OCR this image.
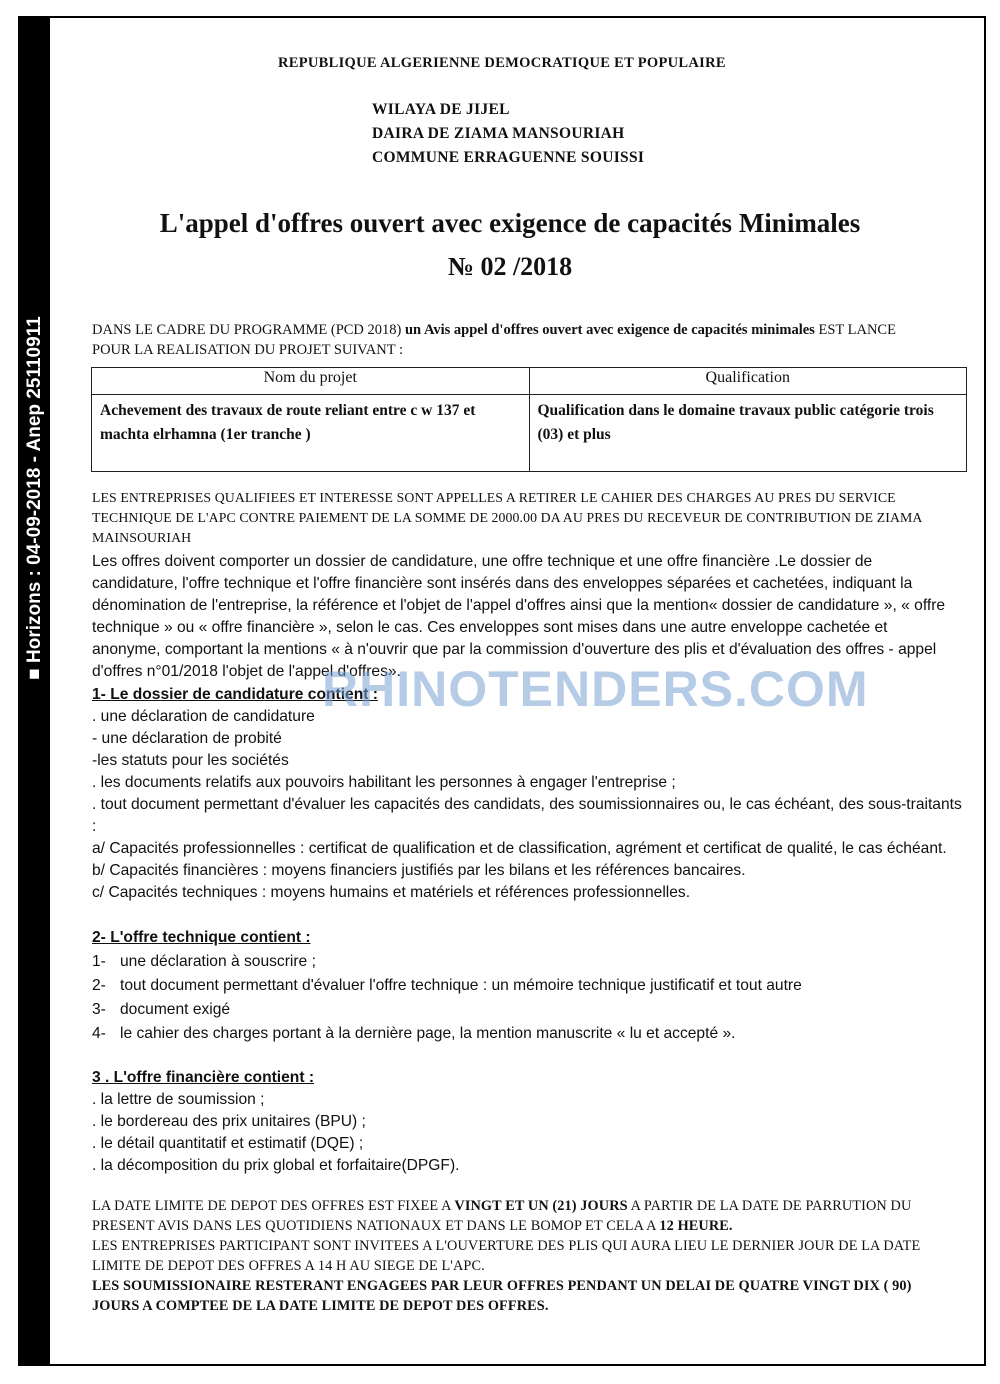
■ Horizons : 04-09-2018 - Anep 25110911
REPUBLIQUE ALGERIENNE DEMOCRATIQUE ET POPULAIRE
WILAYA DE JIJEL
DAIRA DE ZIAMA MANSOURIAH
COMMUNE ERRAGUENNE SOUISSI
L'appel d'offres ouvert avec exigence de capacités Minimales
№ 02 /2018
DANS LE CADRE DU PROGRAMME (PCD 2018) un Avis appel d'offres ouvert avec exigence de capacités minimales EST LANCE POUR LA REALISATION DU PROJET SUIVANT :
Nom du projet	Qualification
Achevement des travaux de route reliant entre c w 137 et machta elrhamna (1er tranche )	Qualification dans le domaine travaux public catégorie trois (03) et plus
LES ENTREPRISES QUALIFIEES ET INTERESSE SONT APPELLES A RETIRER LE CAHIER DES CHARGES AU PRES DU SERVICE TECHNIQUE DE L'APC CONTRE PAIEMENT DE LA SOMME DE 2000.00 DA AU PRES DU RECEVEUR DE CONTRIBUTION DE ZIAMA MAINSOURIAH
Les offres doivent comporter un dossier de candidature, une offre technique et une offre financière .Le dossier de candidature, l'offre technique et l'offre financière sont insérés dans des enveloppes séparées et cachetées, indiquant la dénomination de l'entreprise, la référence et l'objet de l'appel d'offres ainsi que la mention« dossier de candidature », « offre technique » ou « offre financière », selon le cas. Ces enveloppes sont mises dans une autre enveloppe cachetée et anonyme, comportant la mentions « à n'ouvrir que par la commission d'ouverture des plis et d'évaluation des offres - appel d'offres n°01/2018 l'objet de l'appel d'offres».
1- Le dossier de candidature contient :
. une déclaration de candidature
- une déclaration de probité
-les statuts pour les sociétés
. les documents relatifs aux pouvoirs habilitant les personnes à engager l'entreprise ;
. tout document permettant d'évaluer les capacités des candidats, des soumissionnaires ou, le cas échéant, des sous-traitants :
a/ Capacités professionnelles : certificat de qualification et de classification, agrément et certificat de qualité, le cas échéant.
b/ Capacités financières : moyens financiers justifiés par les bilans et les références bancaires.
c/ Capacités techniques : moyens humains et matériels et références professionnelles.
2- L'offre technique contient :
1- une déclaration à souscrire ;
2- tout document permettant d'évaluer l'offre technique : un mémoire technique justificatif et tout autre
3- document exigé
4- le cahier des charges portant à la dernière page, la mention manuscrite « lu et accepté ».
3 . L'offre financière contient :
. la lettre de soumission ;
. le bordereau des prix unitaires (BPU) ;
. le détail quantitatif et estimatif (DQE) ;
. la décomposition du prix global et forfaitaire(DPGF).
LA DATE LIMITE DE DEPOT DES OFFRES EST FIXEE A VINGT ET UN (21) JOURS A PARTIR DE LA DATE DE PARRUTION DU PRESENT AVIS DANS LES QUOTIDIENS NATIONAUX ET DANS LE BOMOP ET CELA A 12 HEURE.
LES ENTREPRISES PARTICIPANT SONT INVITEES A L'OUVERTURE DES PLIS QUI AURA LIEU LE DERNIER JOUR DE LA DATE LIMITE DE DEPOT DES OFFRES A 14 H AU SIEGE DE L'APC.
LES SOUMISSIONAIRE RESTERANT ENGAGEES PAR LEUR OFFRES PENDANT UN DELAI DE QUATRE VINGT DIX ( 90) JOURS A COMPTEE DE LA DATE LIMITE DE DEPOT DES OFFRES.
RHINOTENDERS.COM
